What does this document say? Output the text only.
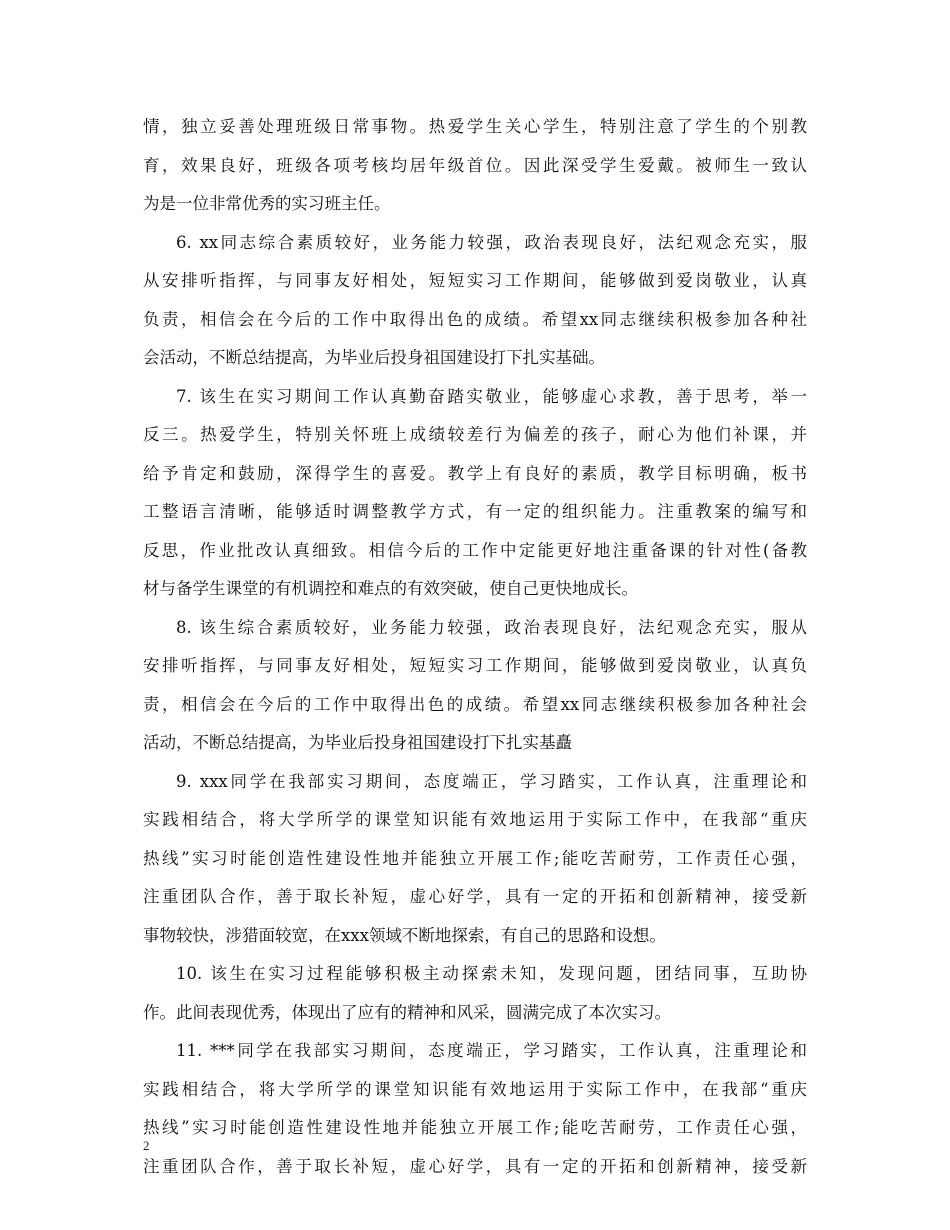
情，独立妥善处理班级日常事物。热爱学生关心学生，特别注意了学生的个别教
育，效果良好，班级各项考核均居年级首位。因此深受学生爱戴。被师生一致认
为是一位非常优秀的实习班主任。
6. xx同志综合素质较好，业务能力较强，政治表现良好，法纪观念充实，服
从安排听指挥，与同事友好相处，短短实习工作期间，能够做到爱岗敬业，认真
负责，相信会在今后的工作中取得出色的成绩。希望xx同志继续积极参加各种社
会活动，不断总结提高，为毕业后投身祖国建设打下扎实基础。
7. 该生在实习期间工作认真勤奋踏实敬业，能够虚心求教，善于思考，举一
反三。热爱学生，特别关怀班上成绩较差行为偏差的孩子，耐心为他们补课，并
给予肯定和鼓励，深得学生的喜爱。教学上有良好的素质，教学目标明确，板书
工整语言清晰，能够适时调整教学方式，有一定的组织能力。注重教案的编写和
反思，作业批改认真细致。相信今后的工作中定能更好地注重备课的针对性(备教
材与备学生课堂的有机调控和难点的有效突破，使自己更快地成长。
8. 该生综合素质较好，业务能力较强，政治表现良好，法纪观念充实，服从
安排听指挥，与同事友好相处，短短实习工作期间，能够做到爱岗敬业，认真负
责，相信会在今后的工作中取得出色的成绩。希望xx同志继续积极参加各种社会
活动，不断总结提高，为毕业后投身祖国建设打下扎实基矗
9. xxx同学在我部实习期间，态度端正，学习踏实，工作认真，注重理论和
实践相结合，将大学所学的课堂知识能有效地运用于实际工作中，在我部“重庆
热线”实习时能创造性建设性地并能独立开展工作;能吃苦耐劳，工作责任心强，
注重团队合作，善于取长补短，虚心好学，具有一定的开拓和创新精神，接受新
事物较快，涉猎面较宽，在xxx领域不断地探索，有自己的思路和设想。
10. 该生在实习过程能够积极主动探索未知，发现问题，团结同事，互助协
作。此间表现优秀，体现出了应有的精神和风采，圆满完成了本次实习。
11. ***同学在我部实习期间，态度端正，学习踏实，工作认真，注重理论和
实践相结合，将大学所学的课堂知识能有效地运用于实际工作中，在我部“重庆
热线”实习时能创造性建设性地并能独立开展工作;能吃苦耐劳，工作责任心强，
注重团队合作，善于取长补短，虚心好学，具有一定的开拓和创新精神，接受新
2
